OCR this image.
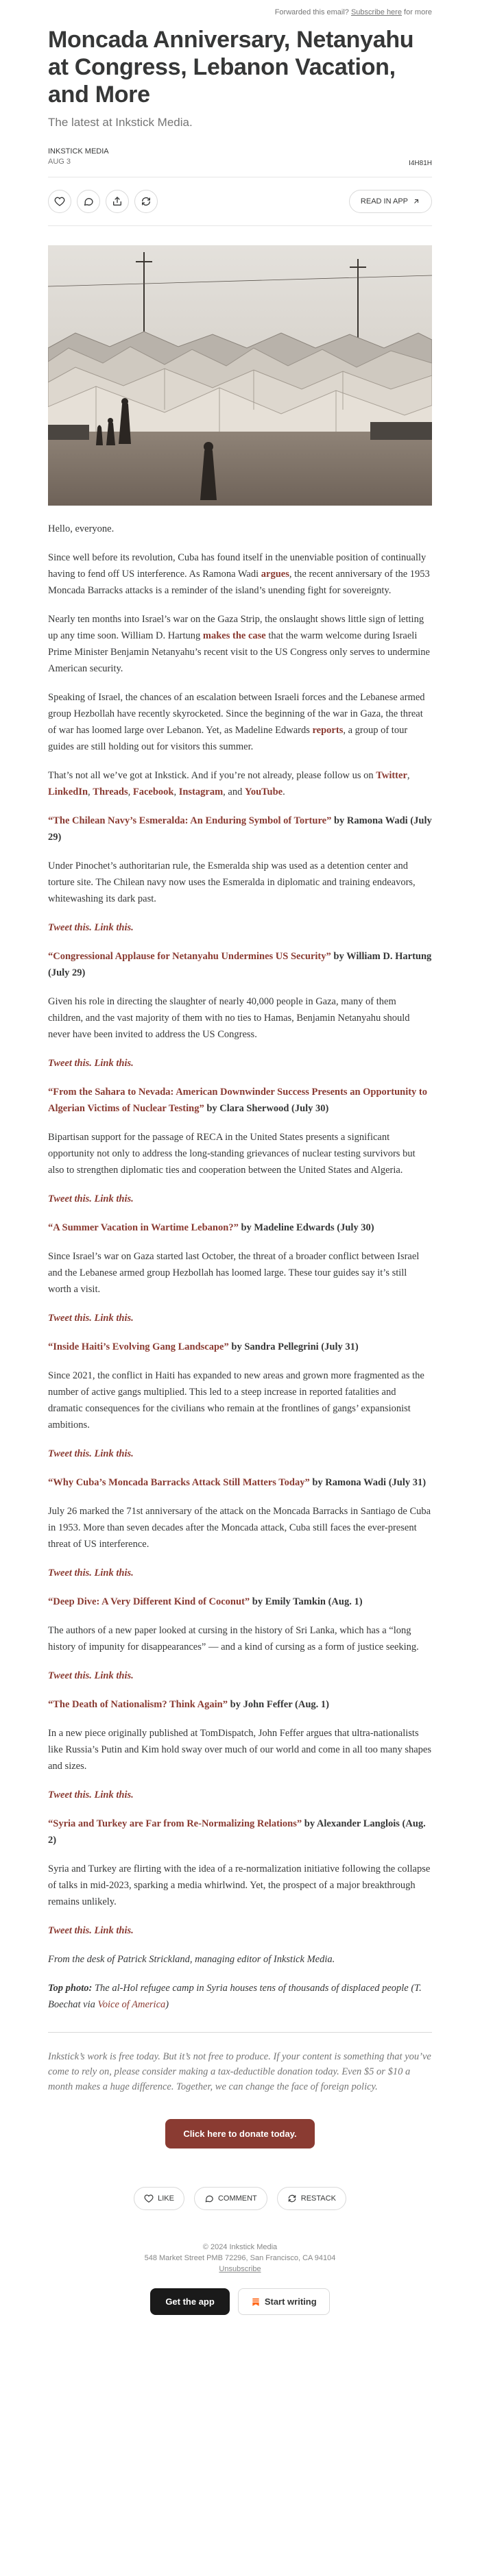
Forwarded this email? Subscribe here for more
Moncada Anniversary, Netanyahu at Congress, Lebanon Vacation, and More
The latest at Inkstick Media.
INKSTICK MEDIA
AUG 3	I4H81H
READ IN APP

Hello, everyone.

Since well before its revolution, Cuba has found itself in the unenviable position of continually having to fend off US interference. As Ramona Wadi argues, the recent anniversary of the 1953 Moncada Barracks attacks is a reminder of the island’s unending fight for sovereignty.

Nearly ten months into Israel’s war on the Gaza Strip, the onslaught shows little sign of letting up any time soon. William D. Hartung makes the case that the warm welcome during Israeli Prime Minister Benjamin Netanyahu’s recent visit to the US Congress only serves to undermine American security.

Speaking of Israel, the chances of an escalation between Israeli forces and the Lebanese armed group Hezbollah have recently skyrocketed. Since the beginning of the war in Gaza, the threat of war has loomed large over Lebanon. Yet, as Madeline Edwards reports, a group of tour guides are still holding out for visitors this summer.

That’s not all we’ve got at Inkstick. And if you’re not already, please follow us on Twitter, LinkedIn, Threads, Facebook, Instagram, and YouTube.

“The Chilean Navy’s Esmeralda: An Enduring Symbol of Torture” by Ramona Wadi (July 29)

Under Pinochet’s authoritarian rule, the Esmeralda ship was used as a detention center and torture site. The Chilean navy now uses the Esmeralda in diplomatic and training endeavors, whitewashing its dark past.

Tweet this. Link this.

“Congressional Applause for Netanyahu Undermines US Security” by William D. Hartung (July 29)

Given his role in directing the slaughter of nearly 40,000 people in Gaza, many of them children, and the vast majority of them with no ties to Hamas, Benjamin Netanyahu should never have been invited to address the US Congress.

Tweet this. Link this.

“From the Sahara to Nevada: American Downwinder Success Presents an Opportunity to Algerian Victims of Nuclear Testing” by Clara Sherwood (July 30)

Bipartisan support for the passage of RECA in the United States presents a significant opportunity not only to address the long-standing grievances of nuclear testing survivors but also to strengthen diplomatic ties and cooperation between the United States and Algeria.

Tweet this. Link this.

“A Summer Vacation in Wartime Lebanon?” by Madeline Edwards (July 30)

Since Israel’s war on Gaza started last October, the threat of a broader conflict between Israel and the Lebanese armed group Hezbollah has loomed large. These tour guides say it’s still worth a visit.

Tweet this. Link this.

“Inside Haiti’s Evolving Gang Landscape” by Sandra Pellegrini (July 31)

Since 2021, the conflict in Haiti has expanded to new areas and grown more fragmented as the number of active gangs multiplied. This led to a steep increase in reported fatalities and dramatic consequences for the civilians who remain at the frontlines of gangs’ expansionist ambitions.

Tweet this. Link this.

“Why Cuba’s Moncada Barracks Attack Still Matters Today” by Ramona Wadi (July 31)

July 26 marked the 71st anniversary of the attack on the Moncada Barracks in Santiago de Cuba in 1953. More than seven decades after the Moncada attack, Cuba still faces the ever-present threat of US interference.

Tweet this. Link this.

“Deep Dive: A Very Different Kind of Coconut” by Emily Tamkin (Aug. 1)

The authors of a new paper looked at cursing in the history of Sri Lanka, which has a “long history of impunity for disappearances” — and a kind of cursing as a form of justice seeking.

Tweet this. Link this.

“The Death of Nationalism? Think Again” by John Feffer (Aug. 1)

In a new piece originally published at TomDispatch, John Feffer argues that ultra-nationalists like Russia’s Putin and Kim hold sway over much of our world and come in all too many shapes and sizes.

Tweet this. Link this.

“Syria and Turkey are Far from Re-Normalizing Relations” by Alexander Langlois (Aug. 2)

Syria and Turkey are flirting with the idea of a re-normalization initiative following the collapse of talks in mid-2023, sparking a media whirlwind. Yet, the prospect of a major breakthrough remains unlikely.

Tweet this. Link this.

From the desk of Patrick Strickland, managing editor of Inkstick Media.

Top photo: The al-Hol refugee camp in Syria houses tens of thousands of displaced people (T. Boechat via Voice of America)

Inkstick’s work is free today. But it’s not free to produce. If your content is something that you’ve come to rely on, please consider making a tax-deductible donation today. Even $5 or $10 a month makes a huge difference. Together, we can change the face of foreign policy.

Click here to donate today.
LIKE	COMMENT	RESTACK
© 2024 Inkstick Media
548 Market Street PMB 72296, San Francisco, CA 94104
Unsubscribe
Get the app	Start writing
